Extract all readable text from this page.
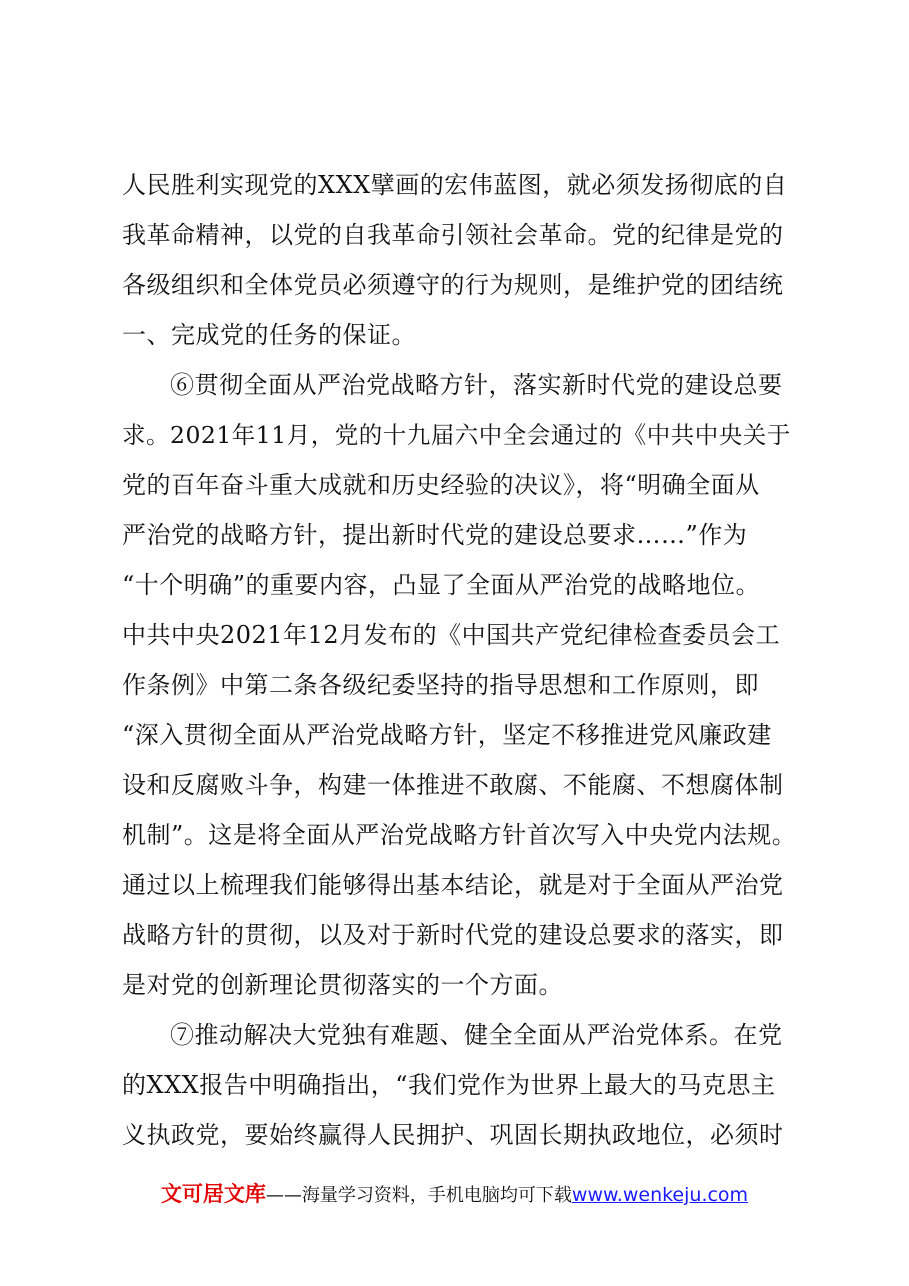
人民胜利实现党的XXX擘画的宏伟蓝图，就必须发扬彻底的自
我革命精神，以党的自我革命引领社会革命。党的纪律是党的
各级组织和全体党员必须遵守的行为规则，是维护党的团结统
一、完成党的任务的保证。
⑥贯彻全面从严治党战略方针，落实新时代党的建设总要
求。2021年11月，党的十九届六中全会通过的《中共中央关于
党的百年奋斗重大成就和历史经验的决议》，将“明确全面从
严治党的战略方针，提出新时代党的建设总要求……”作为
“十个明确”的重要内容，凸显了全面从严治党的战略地位。
中共中央2021年12月发布的《中国共产党纪律检查委员会工
作条例》中第二条各级纪委坚持的指导思想和工作原则，即
“深入贯彻全面从严治党战略方针，坚定不移推进党风廉政建
设和反腐败斗争，构建一体推进不敢腐、不能腐、不想腐体制
机制”。这是将全面从严治党战略方针首次写入中央党内法规。
通过以上梳理我们能够得出基本结论，就是对于全面从严治党
战略方针的贯彻，以及对于新时代党的建设总要求的落实，即
是对党的创新理论贯彻落实的一个方面。
⑦推动解决大党独有难题、健全全面从严治党体系。在党
的XXX报告中明确指出，“我们党作为世界上最大的马克思主
义执政党，要始终赢得人民拥护、巩固长期执政地位，必须时
文可居文库——海量学习资料，手机电脑均可下载www.wenkeju.com
